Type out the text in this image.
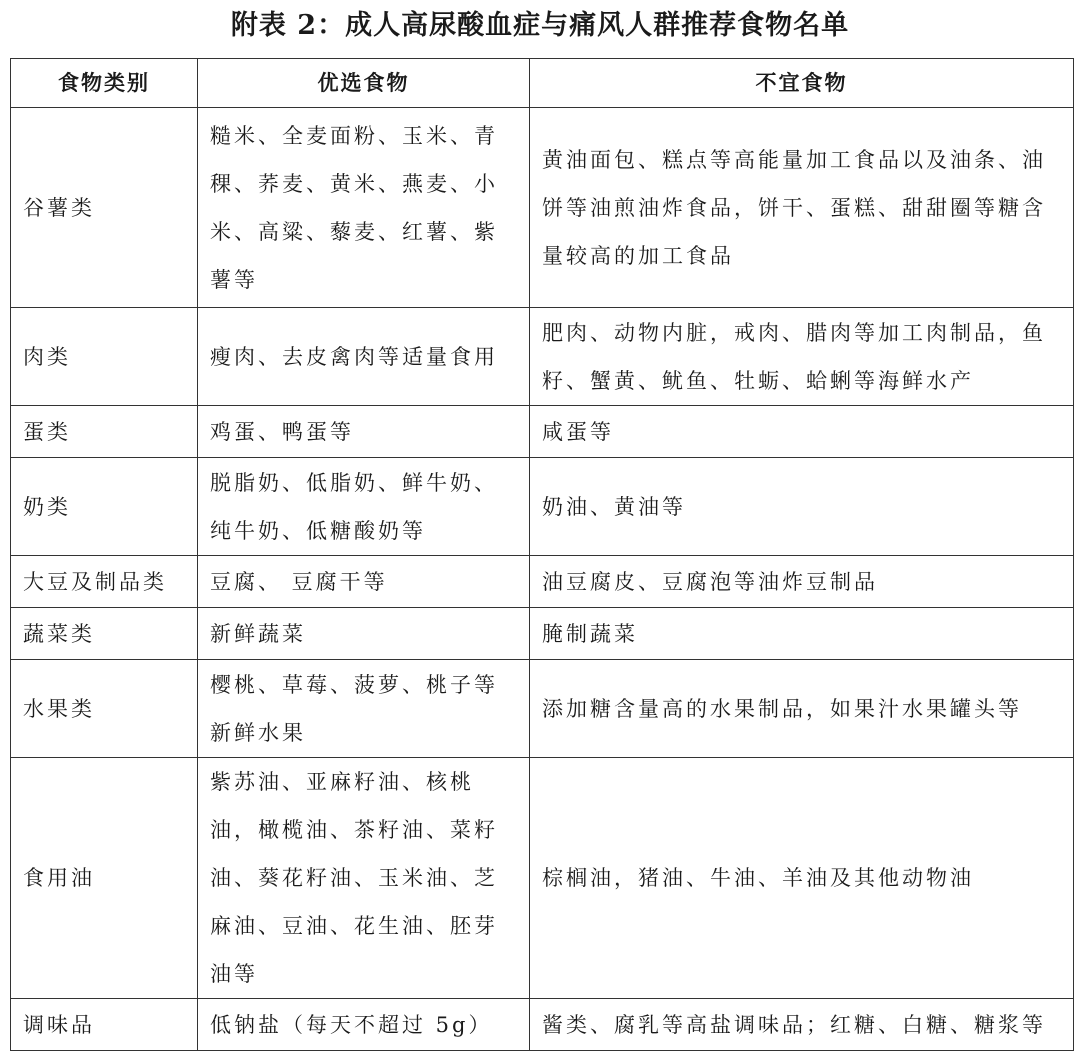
附表 2：成人高尿酸血症与痛风人群推荐食物名单
食物类别	优选食物	不宜食物
谷薯类	糙米、全麦面粉、玉米、青稞、荞麦、黄米、燕麦、小米、高粱、藜麦、红薯、紫薯等	黄油面包、糕点等高能量加工食品以及油条、油饼等油煎油炸食品，饼干、蛋糕、甜甜圈等糖含量较高的加工食品
肉类	瘦肉、去皮禽肉等适量食用	肥肉、动物内脏，戒肉、腊肉等加工肉制品，鱼籽、蟹黄、鱿鱼、牡蛎、蛤蜊等海鲜水产
蛋类	鸡蛋、鸭蛋等	咸蛋等
奶类	脱脂奶、低脂奶、鲜牛奶、纯牛奶、低糖酸奶等	奶油、黄油等
大豆及制品类	豆腐、 豆腐干等	油豆腐皮、豆腐泡等油炸豆制品
蔬菜类	新鲜蔬菜	腌制蔬菜
水果类	樱桃、草莓、菠萝、桃子等新鲜水果	添加糖含量高的水果制品，如果汁水果罐头等
食用油	紫苏油、亚麻籽油、核桃油，橄榄油、茶籽油、菜籽油、葵花籽油、玉米油、芝麻油、豆油、花生油、胚芽油等	棕榈油，猪油、牛油、羊油及其他动物油
调味品	低钠盐（每天不超过 5g）	酱类、腐乳等高盐调味品；红糖、白糖、糖浆等
